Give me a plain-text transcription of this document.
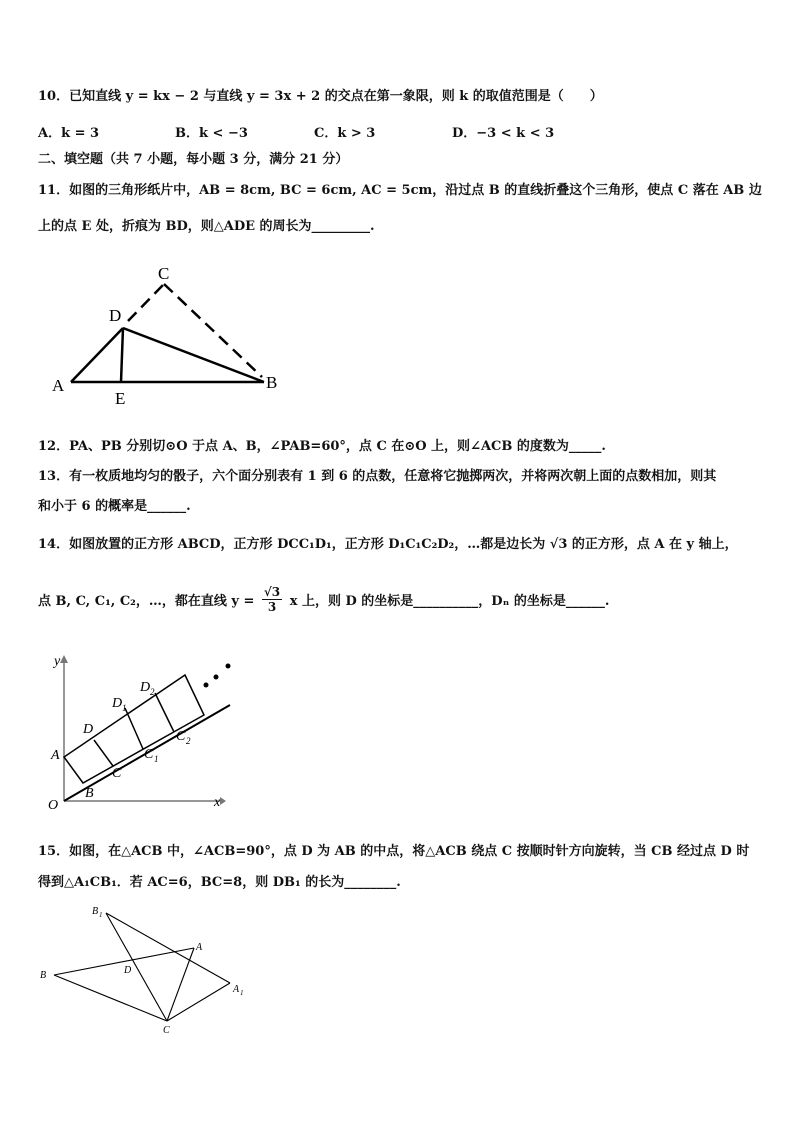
10．已知直线 y = kx − 2 与直线 y = 3x + 2 的交点在第一象限，则 k 的取值范围是（　　）
A．k = 3	B．k < −3	C．k > 3	D．−3 < k < 3
二、填空题（共 7 小题，每小题 3 分，满分 21 分）
11．如图的三角形纸片中，AB = 8cm, BC = 6cm, AC = 5cm，沿过点 B 的直线折叠这个三角形，使点 C 落在 AB 边
上的点 E 处，折痕为 BD，则△ADE 的周长为_________.
C
D
A
E
B
12．PA、PB 分别切⊙O 于点 A、B，∠PAB=60°，点 C 在⊙O 上，则∠ACB 的度数为_____.
13．有一枚质地均匀的骰子，六个面分别表有 1 到 6 的点数，任意将它抛掷两次，并将两次朝上面的点数相加，则其
和小于 6 的概率是______.
14．如图放置的正方形 ABCD，正方形 DCC₁D₁，正方形 D₁C₁C₂D₂，…都是边长为 √3 的正方形，点 A 在 y 轴上，
点 B, C, C₁, C₂，…，都在直线 $y = \frac{√3}{3}$ x 上，则 D 的坐标是__________，Dₙ 的坐标是______.
y
x
O
A
B
C
D
D 1
D 2
C 1
C 2
15．如图，在△ACB 中，∠ACB=90°，点 D 为 AB 的中点，将△ACB 绕点 C 按顺时针方向旋转，当 CB 经过点 D 时
得到△A₁CB₁．若 AC=6，BC=8，则 DB₁ 的长为________.
B 1
A
B	D
A 1
C
